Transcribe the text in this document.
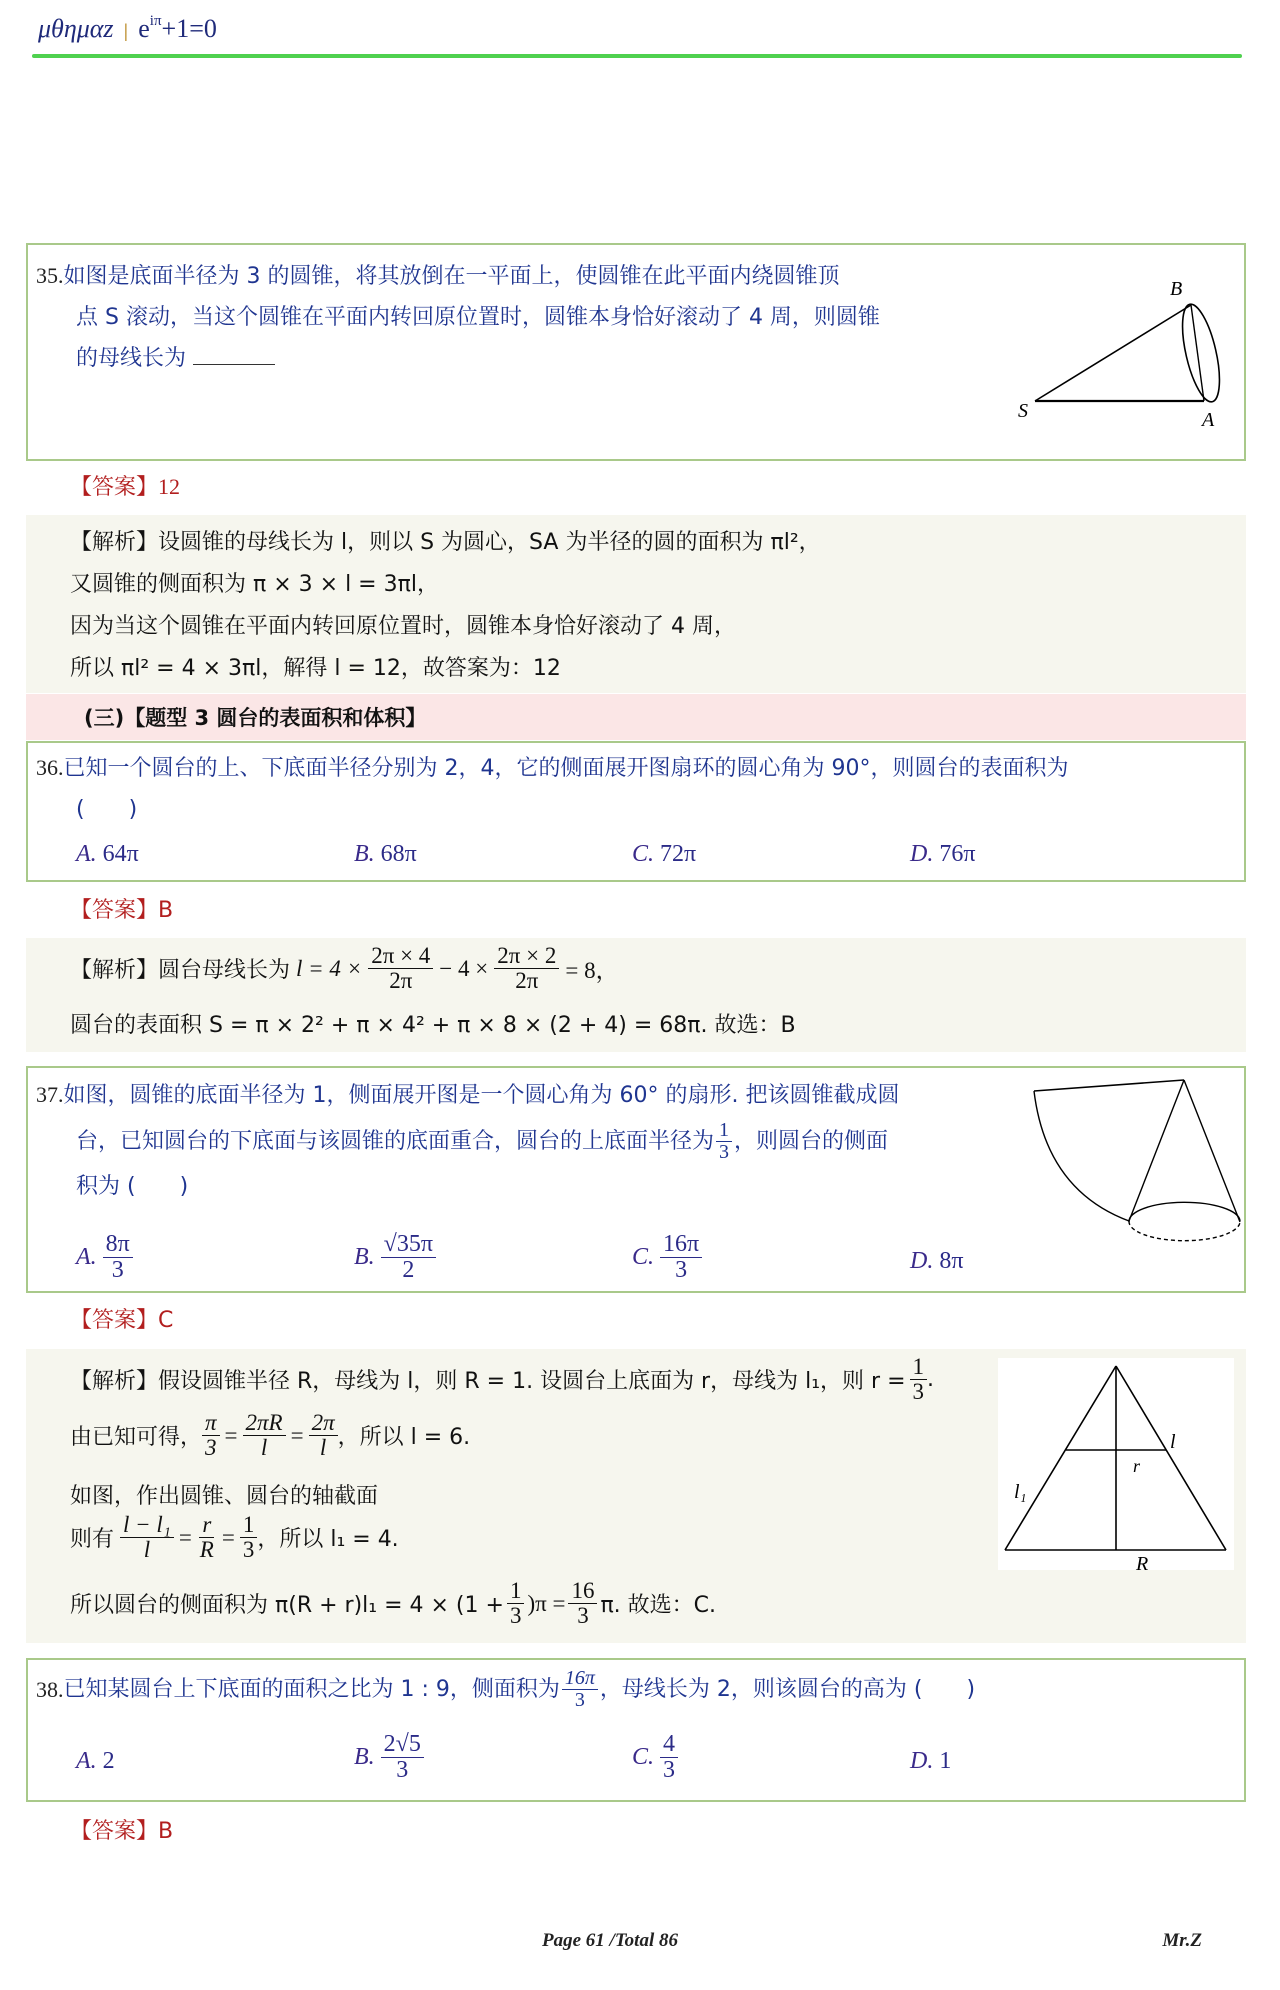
μθημαz | $e^{i\pi}+1=0$
35.如图是底面半径为 3 的圆锥，将其放倒在一平面上，使圆锥在此平面内绕圆锥顶
点 S 滚动，当这个圆锥在平面内转回原位置时，圆锥本身恰好滚动了 4 周，则圆锥
的母线长为
B
S	A
【答案】12
【解析】设圆锥的母线长为 l，则以 S 为圆心，SA 为半径的圆的面积为 πl²，
又圆锥的侧面积为 π × 3 × l = 3πl，
因为当这个圆锥在平面内转回原位置时，圆锥本身恰好滚动了 4 周，
所以 πl² = 4 × 3πl，解得 l = 12，故答案为：12
(三)【题型 3 圆台的表面积和体积】
36.已知一个圆台的上、下底面半径分别为 2，4，它的侧面展开图扇环的圆心角为 90°，则圆台的表面积为
(　　)
A. 64π	B. 68π	C. 72π	D. 76π
【答案】B
【解析】圆台母线长为 $l = 4 \times \frac{2\pi \times 4}{2\pi} - 4 \times \frac{2\pi \times 2}{2\pi} = 8$，
圆台的表面积 S = π × 2² + π × 4² + π × 8 × (2 + 4) = 68π. 故选：B
37.如图，圆锥的底面半径为 1，侧面展开图是一个圆心角为 60° 的扇形. 把该圆锥截成圆
台，已知圆台的下底面与该圆锥的底面重合，圆台的上底面半径为 $\frac{1}{3}$ ，则圆台的侧面
积为 (　　)
A. $\frac{8\pi}{3}$	B. $\frac{√35\pi}{2}$	C. $\frac{16\pi}{3}$	D. 8π
【答案】C
【解析】假设圆锥半径 R，母线为 l，则 R = 1. 设圆台上底面为 r，母线为 l₁，则 $r = \frac{1}{3}$ .
由已知可得， $\frac{\pi}{3} = \frac{2\pi R}{l} = \frac{2\pi}{l}$ ，所以 l = 6.
如图，作出圆锥、圆台的轴截面
则有 $\frac{\text{l − l₁}}{l} = \frac{r}{R} = \frac{1}{3}$ ，所以 l₁ = 4.
所以圆台的侧面积为 $\pi(R + r)l_1 = 4 \times (1 + \frac{1}{3} )\pi = \frac{16}{3} \pi$. 故选：C.
l
r
l₁
R
38. 已知某圆台上下底面的面积之比为 1 : 9，侧面积为 $\frac{16\pi}{3}$ ，母线长为 2，则该圆台的高为 (　　)
A. 2	B. $\frac{2√5}{3}$	C. $\frac{4}{3}$	D. 1
【答案】B
Page 61 /Total 86	Mr.Z
